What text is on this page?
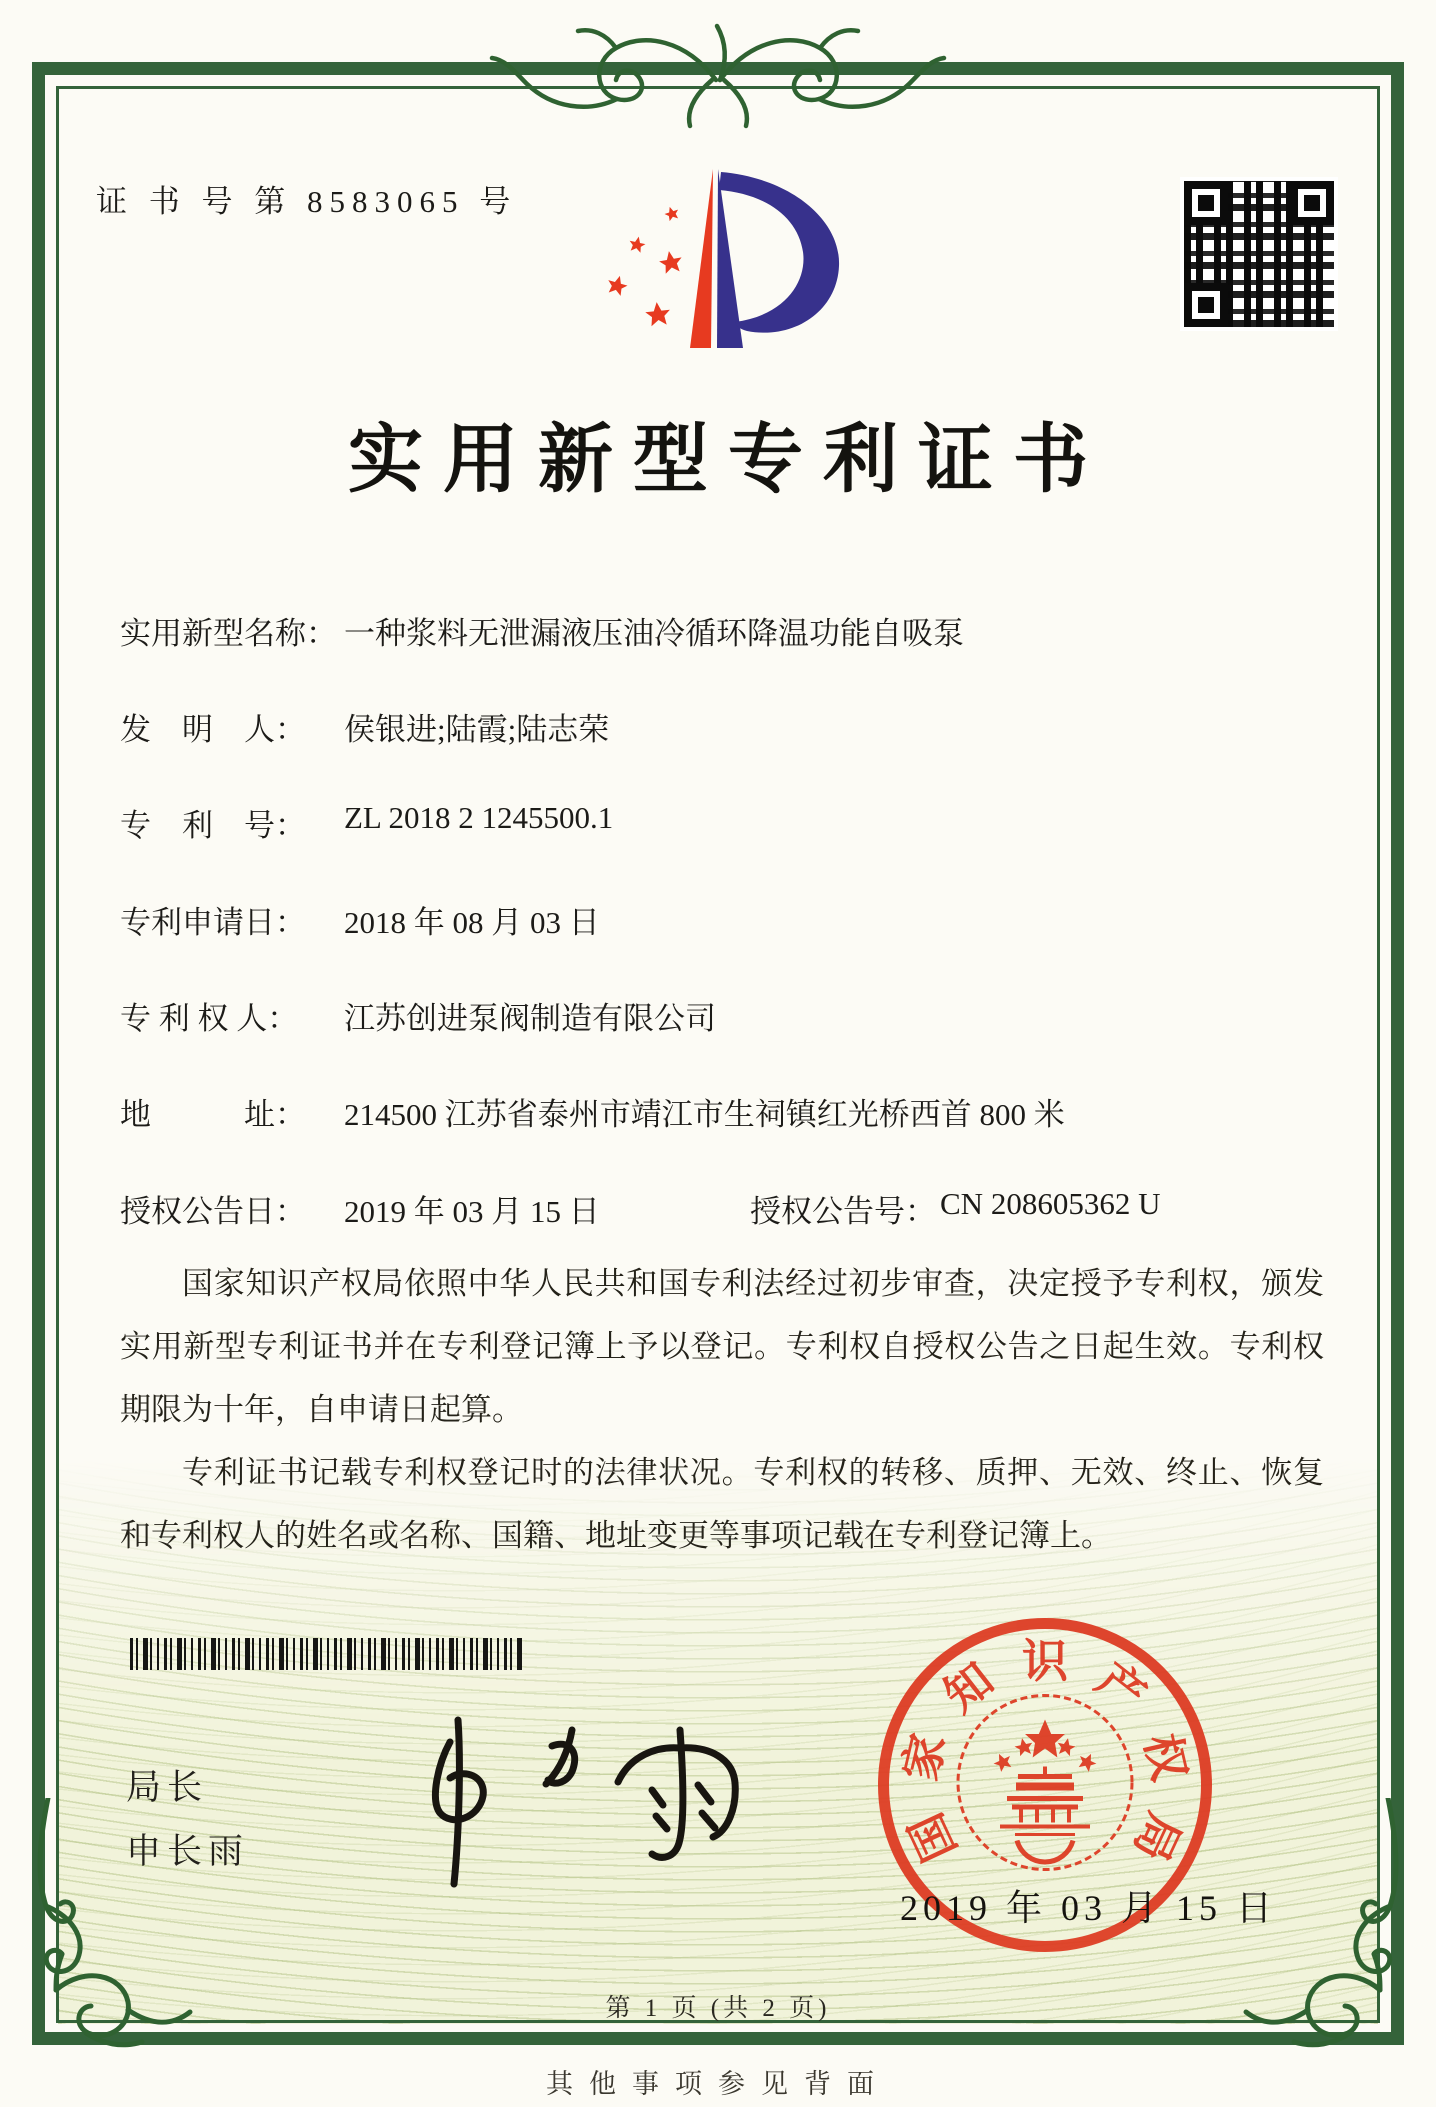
证 书 号 第 8583065 号
实用新型专利证书
实用新型名称： 一种浆料无泄漏液压油冷循环降温功能自吸泵
发　明　人：	侯银进;陆霞;陆志荣
专　利　号：	ZL 2018 2 1245500.1
专利申请日：	2018 年 08 月 03 日
专 利 权 人：	江苏创进泵阀制造有限公司
地　　　址：	214500 江苏省泰州市靖江市生祠镇红光桥西首 800 米
授权公告日：	2019 年 03 月 15 日	授权公告号： CN 208605362 U

国家知识产权局依照中华人民共和国专利法经过初步审查，决定授予专利权，颁发实用新型专利证书并在专利登记簿上予以登记。专利权自授权公告之日起生效。专利权期限为十年，自申请日起算。

专利证书记载专利权登记时的法律状况。专利权的转移、质押、无效、终止、恢复和专利权人的姓名或名称、国籍、地址变更等事项记载在专利登记簿上。

局长
申长雨	国
家
知 识 产
权
局
2019 年 03 月 15 日
第 1 页 (共 2 页)
其他事项参见背面
